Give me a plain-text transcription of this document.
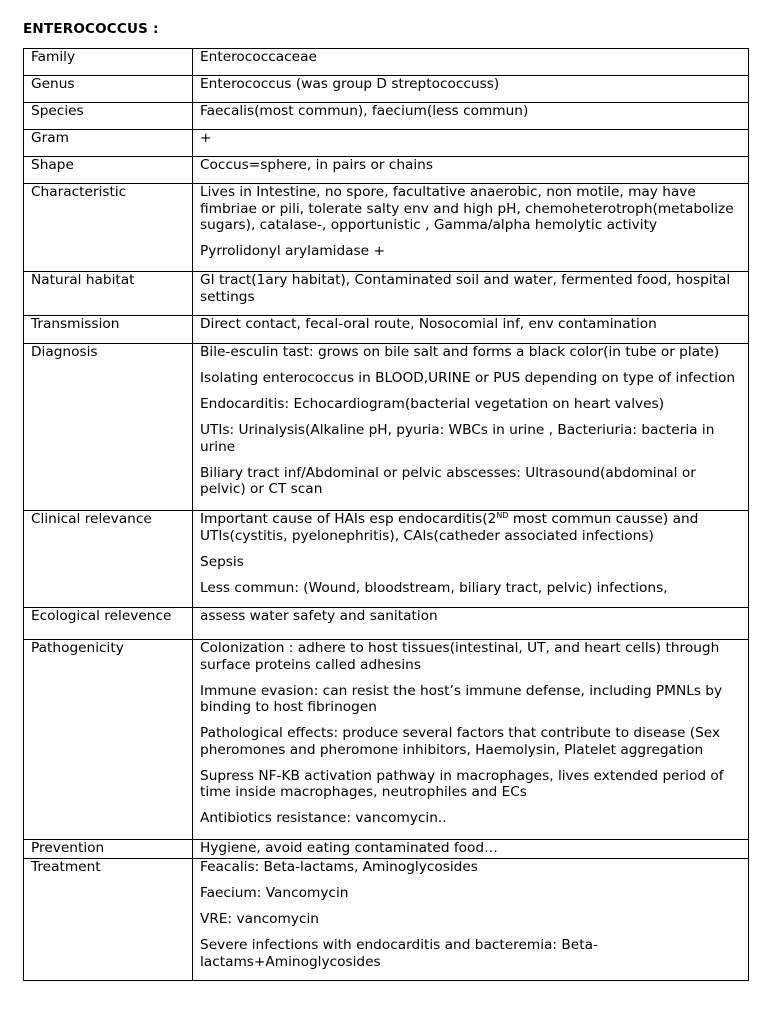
ENTEROCOCCUS :
Family	Enterococcaceae

Genus	Enterococcus (was group D streptococcuss)

Species	Faecalis(most commun), faecium(less commun)

Gram	+

Shape	Coccus=sphere, in pairs or chains

Characteristic	Lives in Intestine, no spore, facultative anaerobic, non motile, may have fimbriae or pili, tolerate salty env and high pH, chemoheterotroph(metabolize sugars), catalase-, opportunistic , Gamma/alpha hemolytic activity

Pyrrolidonyl arylamidase +

Natural habitat	GI tract(1ary habitat), Contaminated soil and water, fermented food, hospital settings

Transmission	Direct contact, fecal-oral route, Nosocomial inf, env contamination

Diagnosis	Bile-esculin tast: grows on bile salt and forms a black color(in tube or plate)

Isolating enterococcus in BLOOD,URINE or PUS depending on type of infection

Endocarditis: Echocardiogram(bacterial vegetation on heart valves)

UTIs: Urinalysis(Alkaline pH, pyuria: WBCs in urine , Bacteriuria: bacteria in urine

Biliary tract inf/Abdominal or pelvic abscesses: Ultrasound(abdominal or pelvic) or CT scan

Clinical relevance	Important cause of HAIs esp endocarditis(2ND most commun causse) and UTIs(cystitis, pyelonephritis), CAIs(catheder associated infections)

Sepsis

Less commun: (Wound, bloodstream, biliary tract, pelvic) infections,

Ecological relevence	assess water safety and sanitation

Pathogenicity	Colonization : adhere to host tissues(intestinal, UT, and heart cells) through surface proteins called adhesins

Immune evasion: can resist the host’s immune defense, including PMNLs by binding to host fibrinogen

Pathological effects: produce several factors that contribute to disease (Sex pheromones and pheromone inhibitors, Haemolysin, Platelet aggregation

Supress NF-KB activation pathway in macrophages, lives extended period of time inside macrophages, neutrophiles and ECs

Antibiotics resistance: vancomycin..

Prevention	Hygiene, avoid eating contaminated food…

Treatment	Feacalis: Beta-lactams, Aminoglycosides

Faecium: Vancomycin

VRE: vancomycin

Severe infections with endocarditis and bacteremia: Beta-lactams+Aminoglycosides
